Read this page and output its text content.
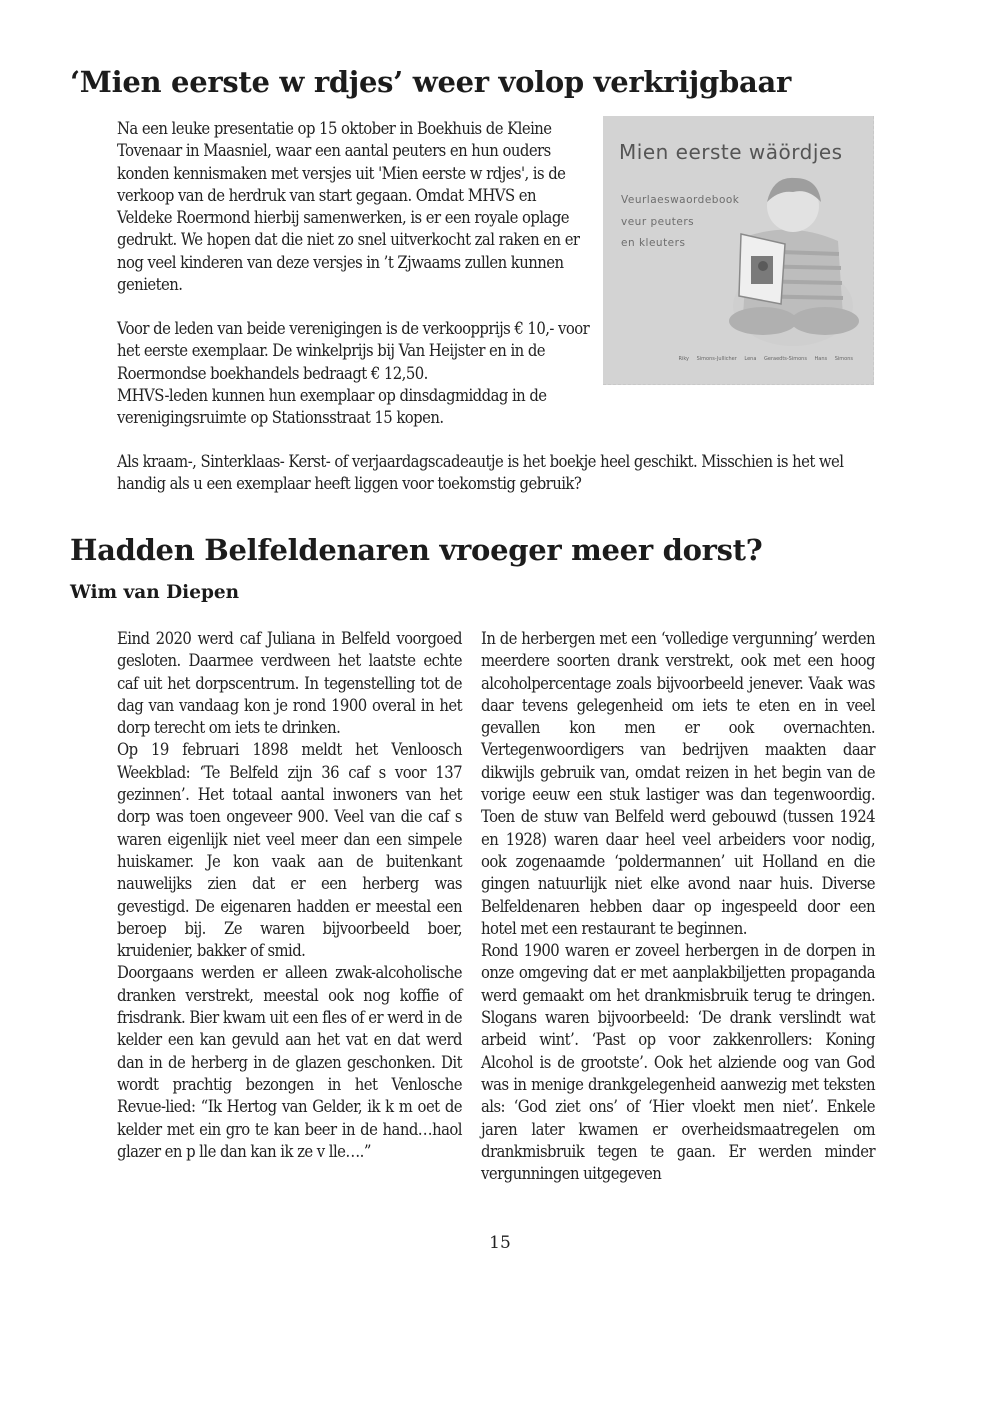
‘Mien eerste w rdjes’ weer volop verkrijgbaar

Na een leuke presentatie op 15 oktober in Boekhuis de Kleine Tovenaar in Maasniel, waar een aantal peuters en hun ouders konden kennismaken met versjes uit 'Mien eerste w rdjes', is de verkoop van de herdruk van start gegaan. Omdat MHVS en Veldeke Roermond hierbij samenwerken, is er een royale oplage gedrukt. We hopen dat die niet zo snel uitverkocht zal raken en er nog veel kinderen van deze versjes in ’t Zjwaams zullen kunnen genieten.

Mien eerste wäördjes
Veurlaeswaordebook
veur peuters
en kleuters
Riky Simons-Jullicher Lena Geraedts-Simons Hans Simons

Voor de leden van beide verenigingen is de verkoopprijs € 10,- voor het eerste exemplaar. De winkelprijs bij Van Heijster en in de Roermondse boekhandels bedraagt € 12,50.
MHVS-leden kunnen hun exemplaar op dinsdagmiddag in de verenigingsruimte op Stationsstraat 15 kopen.

Als kraam-, Sinterklaas- Kerst- of verjaardagscadeautje is het boekje heel geschikt. Misschien is het wel handig als u een exemplaar heeft liggen voor toekomstig gebruik?

Hadden Belfeldenaren vroeger meer dorst?
Wim van Diepen

Eind 2020 werd caf Juliana in Belfeld voorgoed gesloten. Daarmee verdween het laatste echte caf uit het dorpscentrum. In tegenstelling tot de dag van vandaag kon je rond 1900 overal in het dorp terecht om iets te drinken.

Op 19 februari 1898 meldt het Venloosch Weekblad: ‘Te Belfeld zijn 36 caf s voor 137 gezinnen’. Het totaal aantal inwoners van het dorp was toen ongeveer 900. Veel van die caf s waren eigenlijk niet veel meer dan een simpele huiskamer. Je kon vaak aan de buitenkant nauwelijks zien dat er een herberg was gevestigd. De eigenaren hadden er meestal een beroep bij. Ze waren bijvoorbeeld boer, kruidenier, bakker of smid.

Doorgaans werden er alleen zwak-alcoholische dranken verstrekt, meestal ook nog koffie of frisdrank. Bier kwam uit een fles of er werd in de kelder een kan gevuld aan het vat en dat werd dan in de herberg in de glazen geschonken. Dit wordt prachtig bezongen in het Venlosche Revue-lied: “Ik Hertog van Gelder, ik k m oet de kelder met ein gro te kan beer in de hand…haol glazer en p lle dan kan ik ze v lle….”

In de herbergen met een ‘volledige vergunning’ werden meerdere soorten drank verstrekt, ook met een hoog alcoholpercentage zoals bijvoorbeeld jenever. Vaak was daar tevens gelegenheid om iets te eten en in veel gevallen kon men er ook overnachten. Vertegenwoordigers van bedrijven maakten daar dikwijls gebruik van, omdat reizen in het begin van de vorige eeuw een stuk lastiger was dan tegenwoordig. Toen de stuw van Belfeld werd gebouwd (tussen 1924 en 1928) waren daar heel veel arbeiders voor nodig, ook zogenaamde ‘poldermannen’ uit Holland en die gingen natuurlijk niet elke avond naar huis. Diverse Belfeldenaren hebben daar op ingespeeld door een hotel met een restaurant te beginnen.

Rond 1900 waren er zoveel herbergen in de dorpen in onze omgeving dat er met aanplakbiljetten propaganda werd gemaakt om het drankmisbruik terug te dringen. Slogans waren bijvoorbeeld: ‘De drank verslindt wat arbeid wint’. ‘Past op voor zakkenrollers: Koning Alcohol is de grootste’. Ook het alziende oog van God was in menige drankgelegenheid aanwezig met teksten als: ‘God ziet ons’ of ‘Hier vloekt men niet’. Enkele jaren later kwamen er overheidsmaatregelen om drankmisbruik tegen te gaan. Er werden minder vergunningen uitgegeven

15
